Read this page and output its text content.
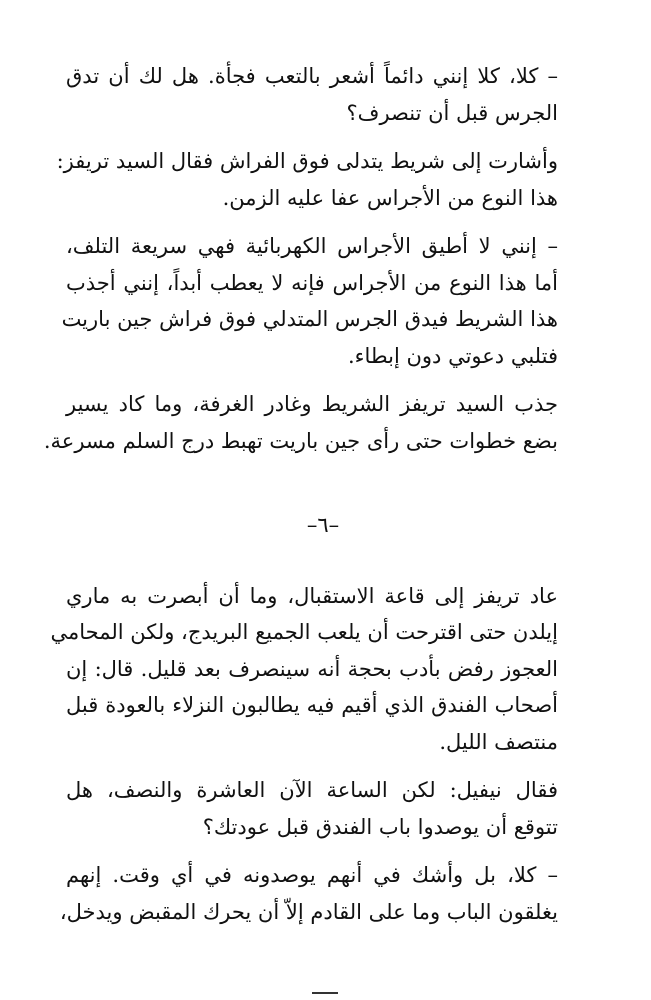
– كلا، كلا إنني دائماً أشعر بالتعب فجأة. هل لك أن تدق
الجرس قبل أن تنصرف؟

وأشارت إلى شريط يتدلى فوق الفراش فقال السيد تريفز:
هذا النوع من الأجراس عفا عليه الزمن.

– إنني لا أطيق الأجراس الكهربائية فهي سريعة التلف،
أما هذا النوع من الأجراس فإنه لا يعطب أبداً، إنني أجذب
هذا الشريط فيدق الجرس المتدلي فوق فراش جين باريت
فتلبي دعوتي دون إبطاء.

جذب السيد تريفز الشريط وغادر الغرفة، وما كاد يسير
بضع خطوات حتى رأى جين باريت تهبط درج السلم مسرعة.

–٦–

عاد تريفز إلى قاعة الاستقبال، وما أن أبصرت به ماري
إيلدن حتى اقترحت أن يلعب الجميع البريدج، ولكن المحامي
العجوز رفض بأدب بحجة أنه سينصرف بعد قليل. قال: إن
أصحاب الفندق الذي أقيم فيه يطالبون النزلاء بالعودة قبل
منتصف الليل.

فقال نيفيل: لكن الساعة الآن العاشرة والنصف، هل
تتوقع أن يوصدوا باب الفندق قبل عودتك؟

– كلا، بل وأشك في أنهم يوصدونه في أي وقت. إنهم
يغلقون الباب وما على القادم إلاّ أن يحرك المقبض ويدخل،
